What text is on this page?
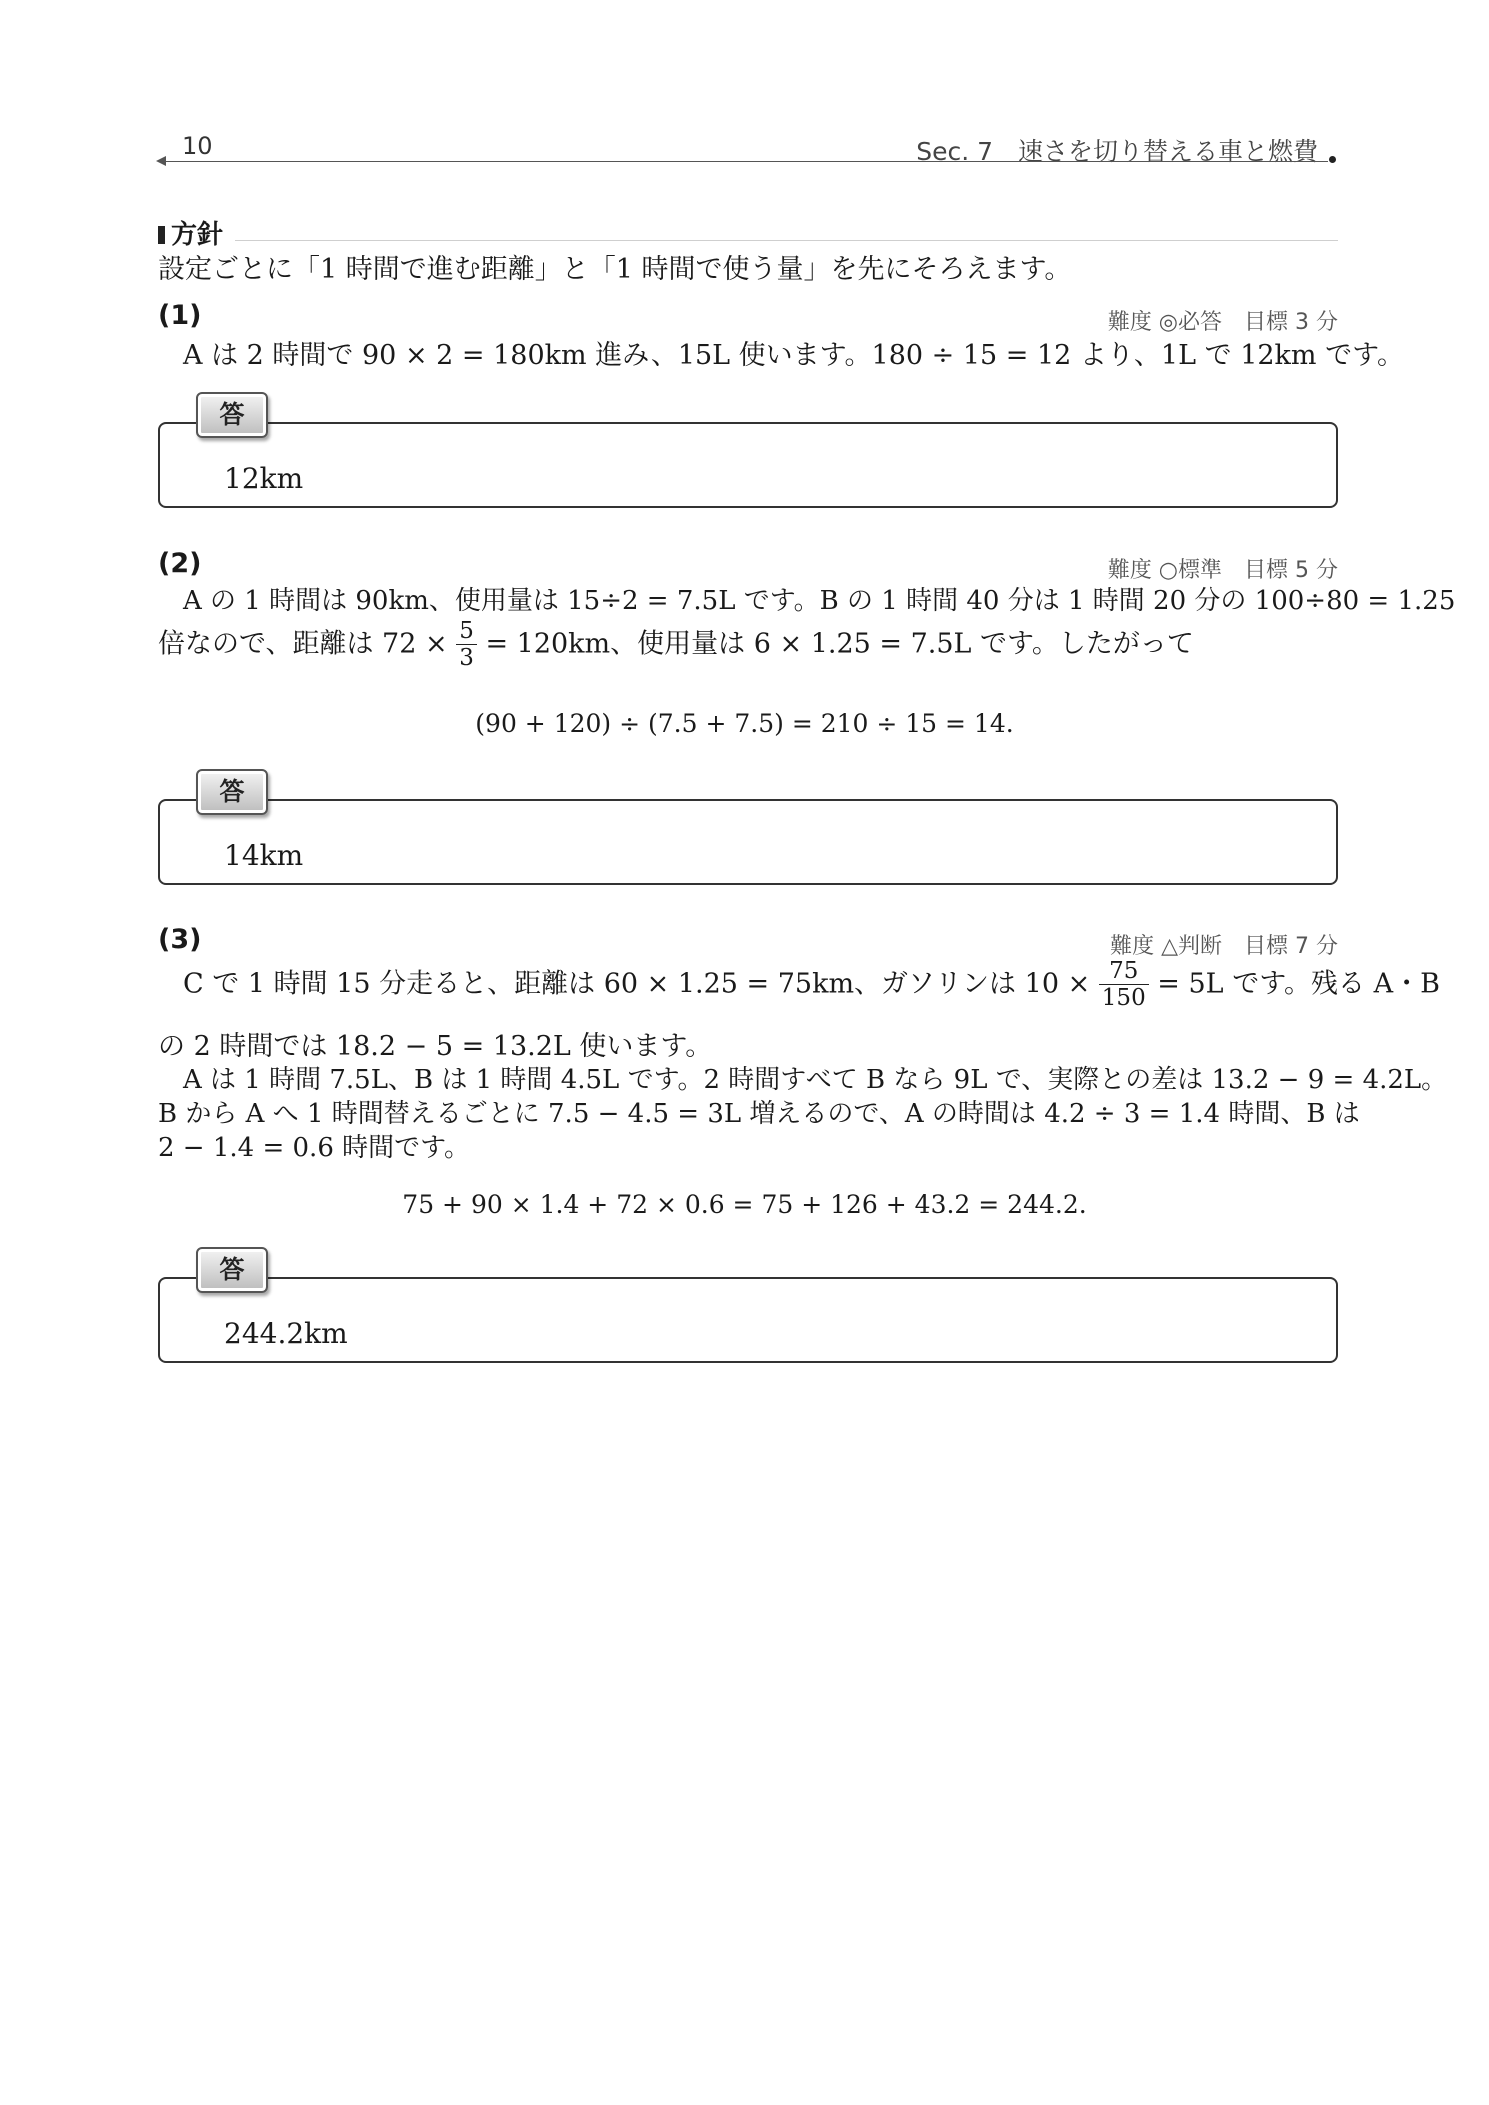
10	Sec. 7　速さを切り替える車と燃費
方針
設定ごとに「1 時間で進む距離」と「1 時間で使う量」を先にそろえます。
(1)	難度 ◎必答　目標 3 分
A は 2 時間で 90 × 2 = 180km 進み、15L 使います。180 ÷ 15 = 12 より、1L で 12km です。
答
12km
(2)	難度 ○標準　目標 5 分
A の 1 時間は 90km、使用量は 15÷2 = 7.5L です。B の 1 時間 40 分は 1 時間 20 分の 100÷80 = 1.25
倍なので、距離は $72 \times \frac{5}{3} = 120km$、使用量は 6 × 1.25 = 7.5L です。したがって
(90 + 120) ÷ (7.5 + 7.5) = 210 ÷ 15 = 14.
答
14km
(3)	難度 △判断　目標 7 分
C で 1 時間 15 分走ると、距離は 60 × 1.25 = 75km、ガソリンは $10 \times \frac{75}{150} = 5L$ です。残る A・B
の 2 時間では 18.2 − 5 = 13.2L 使います。
A は 1 時間 7.5L、B は 1 時間 4.5L です。2 時間すべて B なら 9L で、実際との差は 13.2 − 9 = 4.2L。
B から A へ 1 時間替えるごとに 7.5 − 4.5 = 3L 増えるので、A の時間は 4.2 ÷ 3 = 1.4 時間、B は
2 − 1.4 = 0.6 時間です。
75 + 90 × 1.4 + 72 × 0.6 = 75 + 126 + 43.2 = 244.2.
答
244.2km
